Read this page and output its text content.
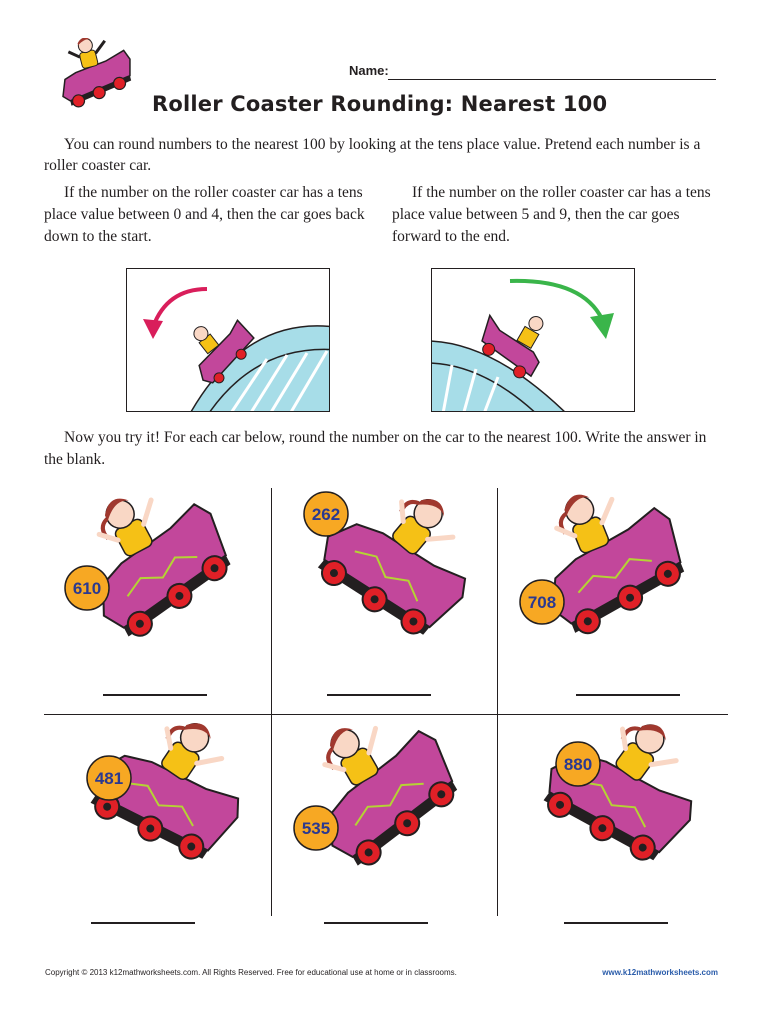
Name:
Roller Coaster Rounding: Nearest 100

You can round numbers to the nearest 100 by looking at the tens place value. Pretend each number is a roller coaster car.

If the number on the roller coaster car has a tens place value between 0 and 4, then the car goes back down to the start.

If the number on the roller coaster car has a tens place value between 5 and 9, then the car goes forward to the end.

Now you try it! For each car below, round the number on the car to the nearest 100. Write the answer in the blank.

610
262
708
481
535
880
Copyright © 2013 k12mathworksheets.com. All Rights Reserved. Free for educational use at home or in classrooms.	www.k12mathworksheets.com
